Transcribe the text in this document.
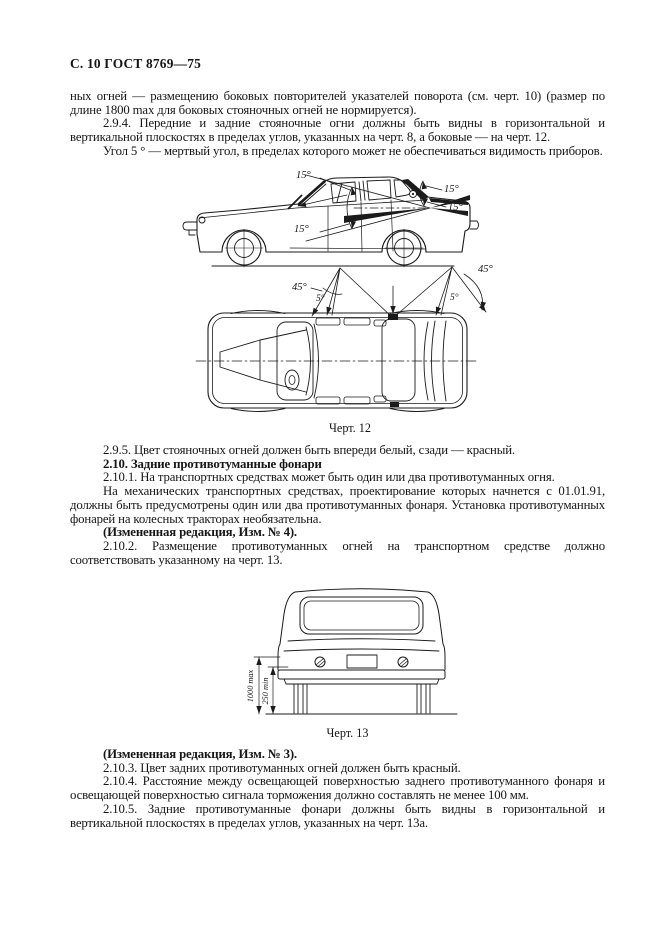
С. 10 ГОСТ 8769—75

ных огней — размещению боковых повторителей указателей поворота (см. черт. 10) (размер по длине 1800 max для боковых стояночных огней не нормируется).

2.9.4. Передние и задние стояночные огни должны быть видны в горизонтальной и вертикальной плоскостях в пределах углов, указанных на черт. 8, а боковые — на черт. 12.

Угол 5 ° — мертвый угол, в пределах которого может не обеспечиваться видимость приборов.

15°
15°
15°
15°
45°
45°
5°	5°
Черт. 12

2.9.5. Цвет стояночных огней должен быть впереди белый, сзади — красный.

2.10. Задние противотуманные фонари

2.10.1. На транспортных средствах может быть один или два противотуманных огня.

На механических транспортных средствах, проектирование которых начнется с 01.01.91, должны быть предусмотрены один или два противотуманных фонаря. Установка противотуманных фонарей на колесных тракторах необязательна.

(Измененная редакция, Изм. № 4).

2.10.2. Размещение противотуманных огней на транспортном средстве должно соответствовать указанному на черт. 13.

1000 max 250 min
Черт. 13

(Измененная редакция, Изм. № 3).

2.10.3. Цвет задних противотуманных огней должен быть красный.

2.10.4. Расстояние между освещающей поверхностью заднего противотуманного фонаря и освещающей поверхностью сигнала торможения должно составлять не менее 100 мм.

2.10.5. Задние противотуманные фонари должны быть видны в горизонтальной и вертикальной плоскостях в пределах углов, указанных на черт. 13а.
